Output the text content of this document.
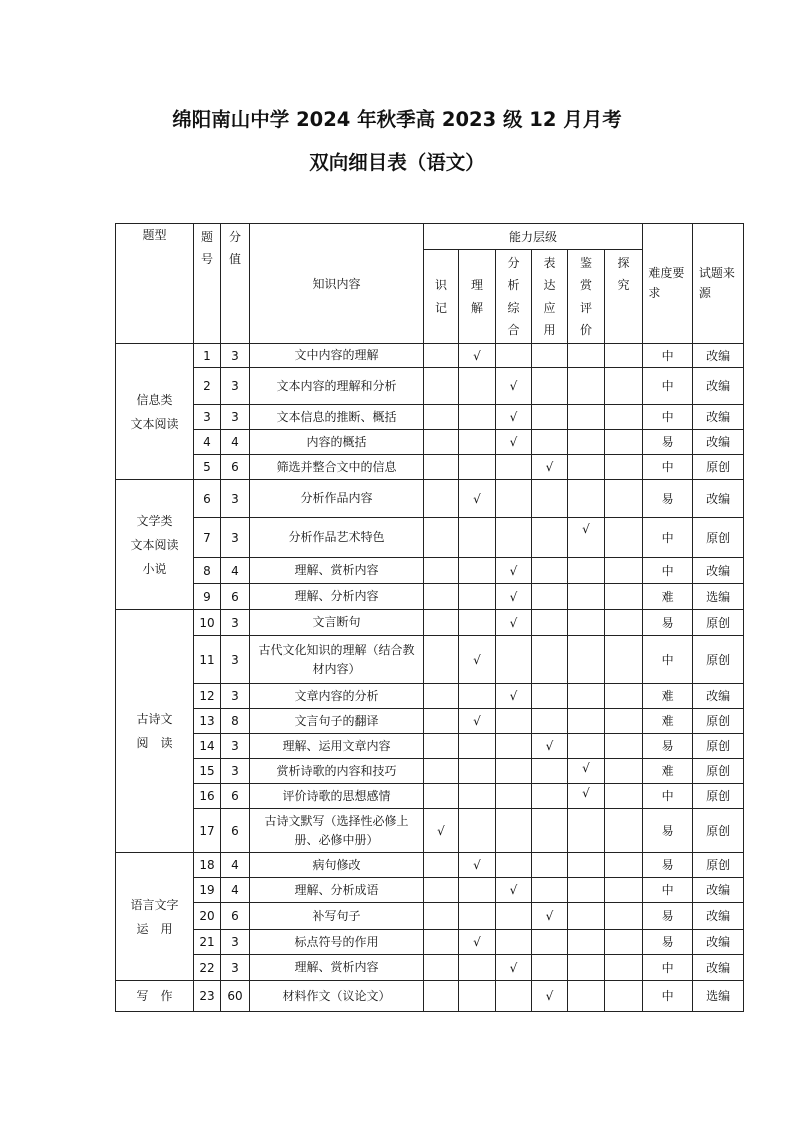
绵阳南山中学 2024 年秋季高 2023 级 12 月月考
双向细目表（语文）
题型	题号	分值	知识内容	能力层级						难度要求	试题来源
				识记	理解	分析综合	表达应用	鉴赏评价	探究		

信息类
文本阅读	1	3	文中内容的理解		√					中	改编
	2	3	文本内容的理解和分析			√				中	改编
	3	3	文本信息的推断、概括			√				中	改编
	4	4	内容的概括			√				易	改编
	5	6	筛选并整合文中的信息				√			中	原创

文学类
文本阅读
小说	6	3	分析作品内容		√					易	改编
	7	3	分析作品艺术特色					√		中	原创
	8	4	理解、赏析内容			√				中	改编
	9	6	理解、分析内容			√				难	选编

古诗文
阅　读	10	3	文言断句			√				易	原创
	11	3	古代文化知识的理解（结合教材内容）		√					中	原创
	12	3	文章内容的分析			√				难	改编
	13	8	文言句子的翻译		√					难	原创
	14	3	理解、运用文章内容				√			易	原创
	15	3	赏析诗歌的内容和技巧					√		难	原创
	16	6	评价诗歌的思想感情					√		中	原创
	17	6	古诗文默写（选择性必修上册、必修中册）	√						易	原创

语言文字
运　用	18	4	病句修改		√					易	原创
	19	4	理解、分析成语			√				中	改编
	20	6	补写句子				√			易	改编
	21	3	标点符号的作用		√					易	改编
	22	3	理解、赏析内容			√				中	改编

写　作	23	60	材料作文（议论文）				√			中	选编
